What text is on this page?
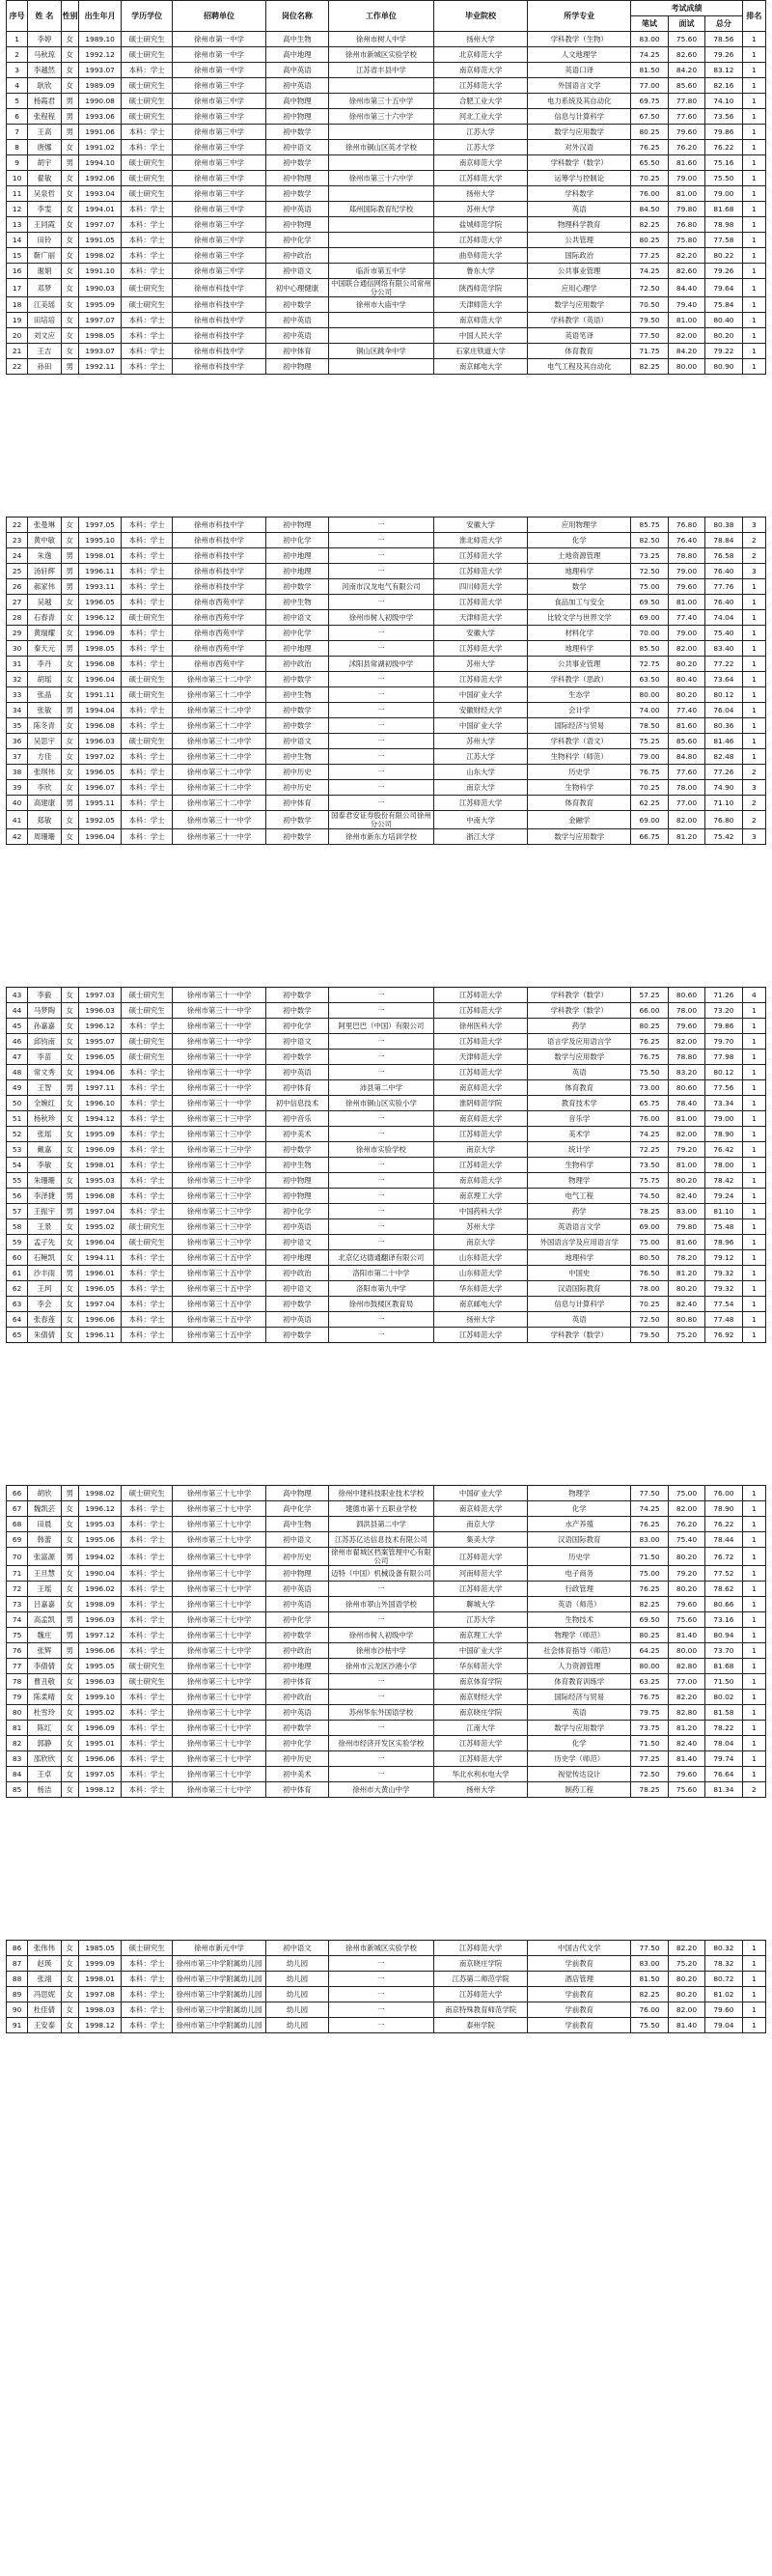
序号	姓 名	性别	出生年月	学历学位	招聘单位	岗位名称	工作单位	毕业院校	所学专业	考试成绩			排名
										笔试	面试	总分	
1	李婷	女	1989.10	硕士研究生	徐州市第一中学	高中生物	徐州市树人中学	扬州大学	学科教学（生物）	83.00	75.60	78.56	1
2	马秋琼	女	1992.12	硕士研究生	徐州市第一中学	高中地理	徐州市新城区实验学校	北京师范大学	人文地理学	74.25	82.60	79.26	1
3	李越然	女	1993.07	本科：学士	徐州市第一中学	高中英语	江苏省丰县中学	南京师范大学	英语口译	81.50	84.20	83.12	1
4	耿欣	女	1989.09	硕士研究生	徐州市第三中学	初中英语		江苏师范大学	外国语言文学	77.00	85.60	82.16	1
5	杨霞君	男	1990.08	硕士研究生	徐州市第三中学	高中物理	徐州市第三十五中学	合肥工业大学	电力系统及其自动化	69.75	77.80	74.10	1
6	张程程	男	1993.06	硕士研究生	徐州市第三中学	初中物理	徐州市第三十六中学	河北工业大学	信息与计算科学	67.50	77.60	73.56	1
7	王高	男	1991.06	本科：学士	徐州市第三中学	初中数学		江苏大学	数学与应用数学	80.25	79.60	79.86	1
8	唐娜	女	1991.02	本科：学士	徐州市第三中学	初中语文	徐州市铜山区英才学校	江苏大学	对外汉语	76.25	76.20	76.22	1
9	胡宇	男	1994.10	硕士研究生	徐州市第三中学	初中数学		南京师范大学	学科数学（数学）	65.50	81.60	75.16	1
10	翟敏	女	1992.06	硕士研究生	徐州市第三中学	初中物理	徐州市第三十六中学	江苏师范大学	运筹学与控制论	70.25	79.00	75.50	1
11	吴泉哲	女	1993.04	硕士研究生	徐州市第三中学	初中数学		扬州大学	学科数学	76.00	81.00	79.00	1
12	李雯	女	1994.01	本科：学士	徐州市第三中学	初中英语	郑州国际教育纪学校	苏州大学	英语	84.50	79.80	81.68	1
13	王同霞	女	1997.07	本科：学士	徐州市第三中学	初中物理		盐城师范学院	物理科学教育	82.25	76.80	78.98	1
14	田铃	女	1991.05	本科：学士	徐州市第三中学	初中化学		江苏师范大学	公共管理	80.25	75.80	77.58	1
15	靳广丽	女	1998.02	本科：学士	徐州市第三中学	初中政治		曲阜师范大学	国际政治	77.25	82.20	80.22	1
16	谢娟	女	1991.10	本科：学士	徐州市第三中学	初中语文	临沂市第五中学	鲁东大学	公共事业管理	74.25	82.60	79.26	1
17	邓梦	女	1990.03	硕士研究生	徐州市科技中学	初中心理健康	中国联合通信网络有限公司常州分公司	陕西师范学院	应用心理学	72.50	84.40	79.64	1
18	江美瑶	女	1995.09	硕士研究生	徐州市科技中学	初中数学	徐州市大庙中学	天津师范大学	数学与应用数学	70.50	79.40	75.84	1
19	田培培	女	1997.07	本科：学士	徐州市科技中学	初中英语		南京师范大学	学科教学（英语）	79.50	81.00	80.40	1
20	刘文应	女	1998.05	本科：学士	徐州市科技中学	初中英语		中国人民大学	英语笔译	77.50	82.00	80.20	1
21	王吉	女	1993.07	本科：学士	徐州市科技中学	初中体育	铜山区跳伞中学	石家庄铁道大学	体育教育	71.75	84.20	79.22	1
22	孙田	男	1992.11	本科：学士	徐州市科技中学	初中物理		南京邮电大学	电气工程及其自动化	82.25	80.00	80.90	1
22	张曼琳	女	1997.05	本科：学士	徐州市科技中学	初中物理	一	安徽大学	应用物理学	85.75	76.80	80.38	3
23	黄中敏	女	1995.10	本科：学士	徐州市科技中学	初中化学	一	淮北师范大学	化学	82.50	76.40	78.84	2
24	朱逸	男	1998.01	本科：学士	徐州市科技中学	初中地理	一	江苏师范大学	土地资源管理	73.25	78.80	76.58	2
25	汤轩辉	男	1996.11	本科：学士	徐州市科技中学	初中地理	一	江苏师范大学	地理科学	72.50	79.00	76.40	3
26	郝家伟	男	1993.11	本科：学士	徐州市科技中学	初中数学	河南市汉龙电气有限公司	四川师范大学	数学	75.00	79.60	77.76	1
27	吴越	女	1996.05	本科：学士	徐州市西苑中学	初中生物	一	江苏师范大学	食品加工与安全	69.50	81.00	76.40	1
28	石春青	女	1996.12	硕士研究生	徐州市西苑中学	初中语文	徐州市树人初级中学	天津师范大学	比较文学与世界文学	69.00	77.40	74.04	1
29	黄瑞耀	女	1996.09	本科：学士	徐州市西苑中学	初中化学	一	安徽大学	材料化学	70.00	79.00	75.40	1
30	秦天元	男	1998.05	本科：学士	徐州市西苑中学	初中地理	一	江苏师范大学	地理科学	85.50	82.00	83.40	1
31	李丹	女	1996.08	本科：学士	徐州市西苑中学	初中政治	沭阳县常湖初级中学	苏州大学	公共事业管理	72.75	80.20	77.22	1
32	胡瑶	女	1996.04	硕士研究生	徐州市第三十二中学	初中数学	一	江苏师范大学	学科教学（思政）	63.50	80.40	73.64	1
33	张晶	女	1991.11	硕士研究生	徐州市第三十二中学	初中生物	一	中国矿业大学	生态学	80.00	80.20	80.12	1
34	张敏	男	1994.04	本科：学士	徐州市第三十二中学	初中数学	一	安徽财经大学	会计学	74.00	77.40	76.04	1
35	陈冬青	女	1996.08	本科：学士	徐州市第三十二中学	初中数学	一	中国矿业大学	国际经济与贸易	78.50	81.60	80.36	1
36	吴思宇	女	1996.03	硕士研究生	徐州市第三十二中学	初中语文	一	苏州大学	学科教学（语文）	75.25	85.60	81.46	1
37	方佳	女	1997.02	本科：学士	徐州市第三十二中学	初中生物	一	江苏大学	生物科学（师范）	79.00	84.80	82.48	1
38	张琪伟	女	1996.05	本科：学士	徐州市第三十二中学	初中历史	一	山东大学	历史学	76.75	77.60	77.26	2
39	李欣	女	1996.07	本科：学士	徐州市第三十二中学	初中历史	一	南京大学	生物科学	70.25	78.00	74.90	3
40	高建康	男	1995.11	本科：学士	徐州市第三十二中学	初中体育	一	江苏师范大学	体育教育	62.25	77.00	71.10	2
41	郑敏	女	1992.05	本科：学士	徐州市第三十一中学	初中数学	国泰君安证券股份有限公司徐州分公司	中南大学	金融学	69.00	82.00	76.80	2
42	周珊珊	女	1996.04	本科：学士	徐州市第三十一中学	初中数学	徐州市新东方培训学校	浙江大学	数学与应用数学	66.75	81.20	75.42	3
43	李毅	女	1997.03	硕士研究生	徐州市第三十一中学	初中数学	一	江苏师范大学	学科教学（数学）	57.25	80.60	71.26	4
44	马梦陶	女	1996.03	硕士研究生	徐州市第三十一中学	初中数学	一	江苏师范大学	学科教学（数学）	66.00	78.00	73.20	1
45	孙嘉嘉	女	1996.12	本科：学士	徐州市第三十一中学	初中化学	阿里巴巴（中国）有限公司	徐州医科大学	药学	80.25	79.60	79.86	1
46	邱钧南	女	1995.07	硕士研究生	徐州市第三十一中学	初中语文	一	江苏师范大学	语言学及应用语言学	76.25	82.00	79.70	1
47	李苗	女	1996.05	硕士研究生	徐州市第三十一中学	初中数学	一	天津师范大学	数学与应用数学	76.75	78.80	77.98	1
48	常文秀	女	1994.06	本科：学士	徐州市第三十一中学	初中英语	一	江苏师范大学	英语	75.50	83.20	80.12	1
49	王智	男	1997.11	本科：学士	徐州市第三十一中学	初中体育	沛县第二中学	南京师范大学	体育教育	73.00	80.60	77.56	1
50	全婉红	女	1996.10	本科：学士	徐州市第三十一中学	初中信息技术	徐州市铜山区实验小学	淮阴师范学院	教育技术学	65.75	78.40	73.34	1
51	杨秋珍	女	1994.12	本科：学士	徐州市第三十三中学	初中音乐	一	南京师范大学	音乐学	76.00	81.00	79.00	1
52	张瑶	女	1995.09	本科：学士	徐州市第三十三中学	初中美术	一	江苏师范大学	美术学	74.25	82.00	78.90	1
53	戴嘉	女	1996.09	本科：学士	徐州市第三十三中学	初中数学	徐州市实验学校	南京大学	统计学	72.25	79.20	76.42	1
54	李敏	女	1998.01	本科：学士	徐州市第三十三中学	初中生物	一	江苏师范大学	生物科学	73.50	81.00	78.00	1
55	朱珊珊	女	1995.03	本科：学士	徐州市第三十三中学	初中物理	一	南京师范大学	物理学	75.75	80.20	78.42	1
56	李泽捷	男	1996.08	本科：学士	徐州市第三十三中学	初中物理	一	南京理工大学	电气工程	74.50	82.40	79.24	1
57	王振宇	男	1997.04	本科：学士	徐州市第三十三中学	初中化学	一	中国药科大学	药学	78.25	83.00	81.10	1
58	王景	女	1995.02	硕士研究生	徐州市第三十三中学	初中英语	一	苏州大学	英语语言文学	69.00	79.80	75.48	1
59	孟子先	女	1996.04	硕士研究生	徐州市第三十三中学	初中语文	一	南京大学	外国语言学及应用语言学	75.00	81.60	78.96	1
60	石鲍凯	女	1994.11	本科：学士	徐州市第三十五中学	初中地理	北京亿达德通翻译有限公司	山东师范大学	地理科学	80.50	78.20	79.12	1
61	沙丰雨	男	1996.01	本科：学士	徐州市第三十五中学	初中政治	洛阳市第二十中学	山东师范大学	中国史	76.50	81.20	79.32	1
62	王珂	女	1996.05	本科：学士	徐州市第三十五中学	初中语文	洛阳市第九中学	华东师范大学	汉语国际教育	78.00	80.20	79.32	1
63	李会	女	1997.04	本科：学士	徐州市第三十五中学	初中数学	徐州市鼓楼区教育局	南京邮电大学	信息与计算科学	70.25	82.40	77.54	1
64	张春莲	女	1996.06	本科：学士	徐州市第三十五中学	初中英语	一	扬州大学	英语	72.50	80.80	77.48	1
65	朱倩倩	女	1996.11	本科：学士	徐州市第三十五中学	初中数学	一	江苏师范大学	学科教学（数学）	79.50	75.20	76.92	1
66	胡欣	男	1998.02	硕士研究生	徐州市第三十七中学	高中物理	徐州中建科技职业技术学校	中国矿业大学	物理学	77.50	75.00	76.00	1
67	魏凯芸	女	1996.12	本科：学士	徐州市第三十七中学	高中化学	建德市第十五职业学校	南京师范大学	化学	74.25	82.00	78.90	1
68	田晨	女	1995.03	本科：学士	徐州市第三十七中学	高中生物	泗洪县第二中学	南京大学	水产养殖	76.25	76.20	76.22	1
69	韩蕾	女	1995.06	本科：学士	徐州市第三十七中学	初中语文	江苏苏亿达信息技术有限公司	集美大学	汉语国际教育	83.00	75.40	78.44	1
70	张富源	男	1994.02	本科：学士	徐州市第三十七中学	初中历史	徐州市翟城区档案管理中心有限公司	江苏师范大学	历史学	71.50	80.20	76.72	1
71	王旦慧	女	1990.04	本科：学士	徐州市第三十七中学	初中物理	迈特（中国）机械设备有限公司	河南师范大学	电子商务	75.00	79.20	77.52	1
72	王瑶	女	1996.02	本科：学士	徐州市第三十七中学	初中英语	一	江苏师范大学	行政管理	76.25	80.20	78.62	1
73	吕嘉嘉	女	1998.09	本科：学士	徐州市第三十七中学	初中英语	徐州市翠山外国语学校	聊城大学	英语（师范）	82.25	79.60	80.66	1
74	高孟凯	男	1996.03	本科：学士	徐州市第三十七中学	初中化学	一	江苏大学	生物技术	69.50	75.60	73.16	1
75	魏庄	男	1997.12	本科：学士	徐州市第三十七中学	初中数学	徐州市树人初级中学	南京理工大学	物理学（师范）	80.25	81.40	80.94	1
76	张辉	男	1996.06	本科：学士	徐州市第三十七中学	初中政治	徐州市沙枯中学	中国矿业大学	社会体育指导（师范）	64.25	80.00	73.70	1
77	李倩倩	女	1995.05	硕士研究生	徐州市第三十七中学	初中地理	徐州市云龙区沙港小学	华东师范大学	人力资源管理	80.00	82.80	81.68	1
78	曹丑敬	女	1996.03	硕士研究生	徐州市第三十七中学	初中体育	一	南京体育学院	体育教育训练学	63.25	77.00	71.50	1
79	陈柔晴	女	1999.10	本科：学士	徐州市第三十七中学	初中政治	一	南京财经大学	国际经济与贸易	76.75	82.20	80.02	1
80	杜雪玲	女	1995.02	本科：学士	徐州市第三十七中学	初中英语	苏州华东外国语学校	南京晓庄学院	英语	79.75	82.80	81.58	1
81	陈红	女	1996.09	本科：学士	徐州市第三十七中学	初中数学	一	江南大学	数学与应用数学	73.75	81.20	78.22	1
82	郭静	女	1995.01	本科：学士	徐州市第三十七中学	初中化学	徐州市经济开发区实验学校	江苏师范大学	化学	71.50	82.40	78.04	1
83	邵欣欣	女	1996.06	本科：学士	徐州市第三十七中学	初中历史	一	江苏师范大学	历史学（师范）	77.25	81.40	79.74	1
84	王卓	女	1997.05	本科：学士	徐州市第三十七中学	初中美术	一	华北水利水电大学	视觉传达设计	72.50	79.60	76.64	1
85	杨洁	女	1998.12	本科：学士	徐州市第三十七中学	初中体育	徐州市大黄山中学	扬州大学	制药工程	78.25	75.60	81.34	2
86	张伟伟	女	1985.05	硕士研究生	徐州市新元中学	初中语文	徐州市新城区实验学校	江苏师范大学	中国古代文学	77.50	82.20	80.32	1
87	赵瑛	女	1999.09	本科：学士	徐州市第三中学附属幼儿园	幼儿园	一	南京晓庄学院	学前教育	83.00	75.20	78.32	1
88	张翊	女	1998.01	本科：学士	徐州市第三中学附属幼儿园	幼儿园	一	江苏第二师范学院	酒店管理	81.50	80.20	80.72	1
89	冯思妮	女	1997.08	本科：学士	徐州市第三中学附属幼儿园	幼儿园	一	江苏师范大学	学前教育	82.25	80.20	81.02	1
90	杜佳倩	女	1998.03	本科：学士	徐州市第三中学附属幼儿园	幼儿园	一	南京特殊教育师范学院	学前教育	76.00	82.00	79.60	1
91	王安泰	女	1998.12	本科：学士	徐州市第三中学附属幼儿园	幼儿园	一	泰州学院	学前教育	75.50	81.40	79.04	1
